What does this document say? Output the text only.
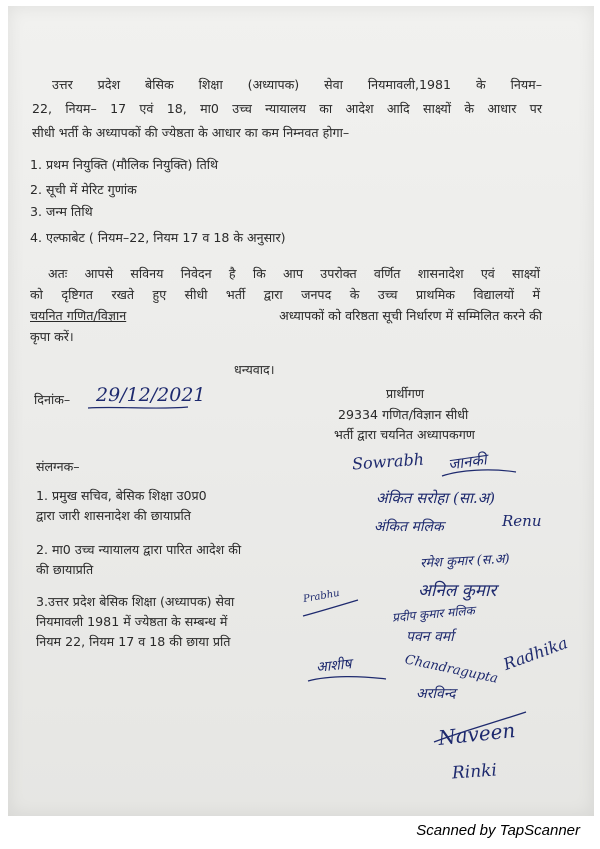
उत्तर प्रदेश बेसिक शिक्षा (अध्यापक) सेवा नियमावली,1981 के नियम–
22, नियम– 17 एवं 18, मा0 उच्च न्यायालय का आदेश आदि साक्ष्यों के आधार पर
सीधी भर्ती के अध्यापकों की ज्येष्ठता के आधार का कम निम्नवत होगा–
1. प्रथम नियुक्ति (मौलिक नियुक्ति) तिथि
2. सूची में मेरिट गुणांक
3. जन्म तिथि
4. एल्फाबेट ( नियम–22, नियम 17 व 18 के अनुसार)
अतः आपसे सविनय निवेदन है कि आप उपरोक्त वर्णित शासनादेश एवं साक्ष्यों
को दृष्टिगत रखते हुए सीधी भर्ती द्वारा जनपद के उच्च प्राथमिक विद्यालयों में
चयनित गणित/विज्ञान	अध्यापकों को वरिष्ठता सूची निर्धारण में सम्मिलित करने की
कृपा करें।
धन्यवाद।
दिनांक– 29/12/2021	प्रार्थीगण
29334 गणित/विज्ञान सीधी
भर्ती द्वारा चयनित अध्यापकगण
संलग्नक–
1. प्रमुख सचिव, बेसिक शिक्षा उ0प्र0
द्वारा जारी शासनादेश की छायाप्रति
2. मा0 उच्च न्यायालय द्वारा पारित आदेश की
की छायाप्रति
3.उत्तर प्रदेश बेसिक शिक्षा (अध्यापक) सेवा
नियमावली 1981 में ज्येष्ठता के सम्बन्ध में
नियम 22, नियम 17 व 18 की छाया प्रति
Sowrabh जानकी
अंकित सरोहा (सा.अ)
अंकित मलिक	Renu
रमेश कुमार (स.अ)
अनिल कुमार
Prabhu
प्रदीप कुमार मलिक
पवन वर्मा
आशीष	Chandragupta
अरविन्द
Radhika
Naveen
Rinki
Scanned by TapScanner
